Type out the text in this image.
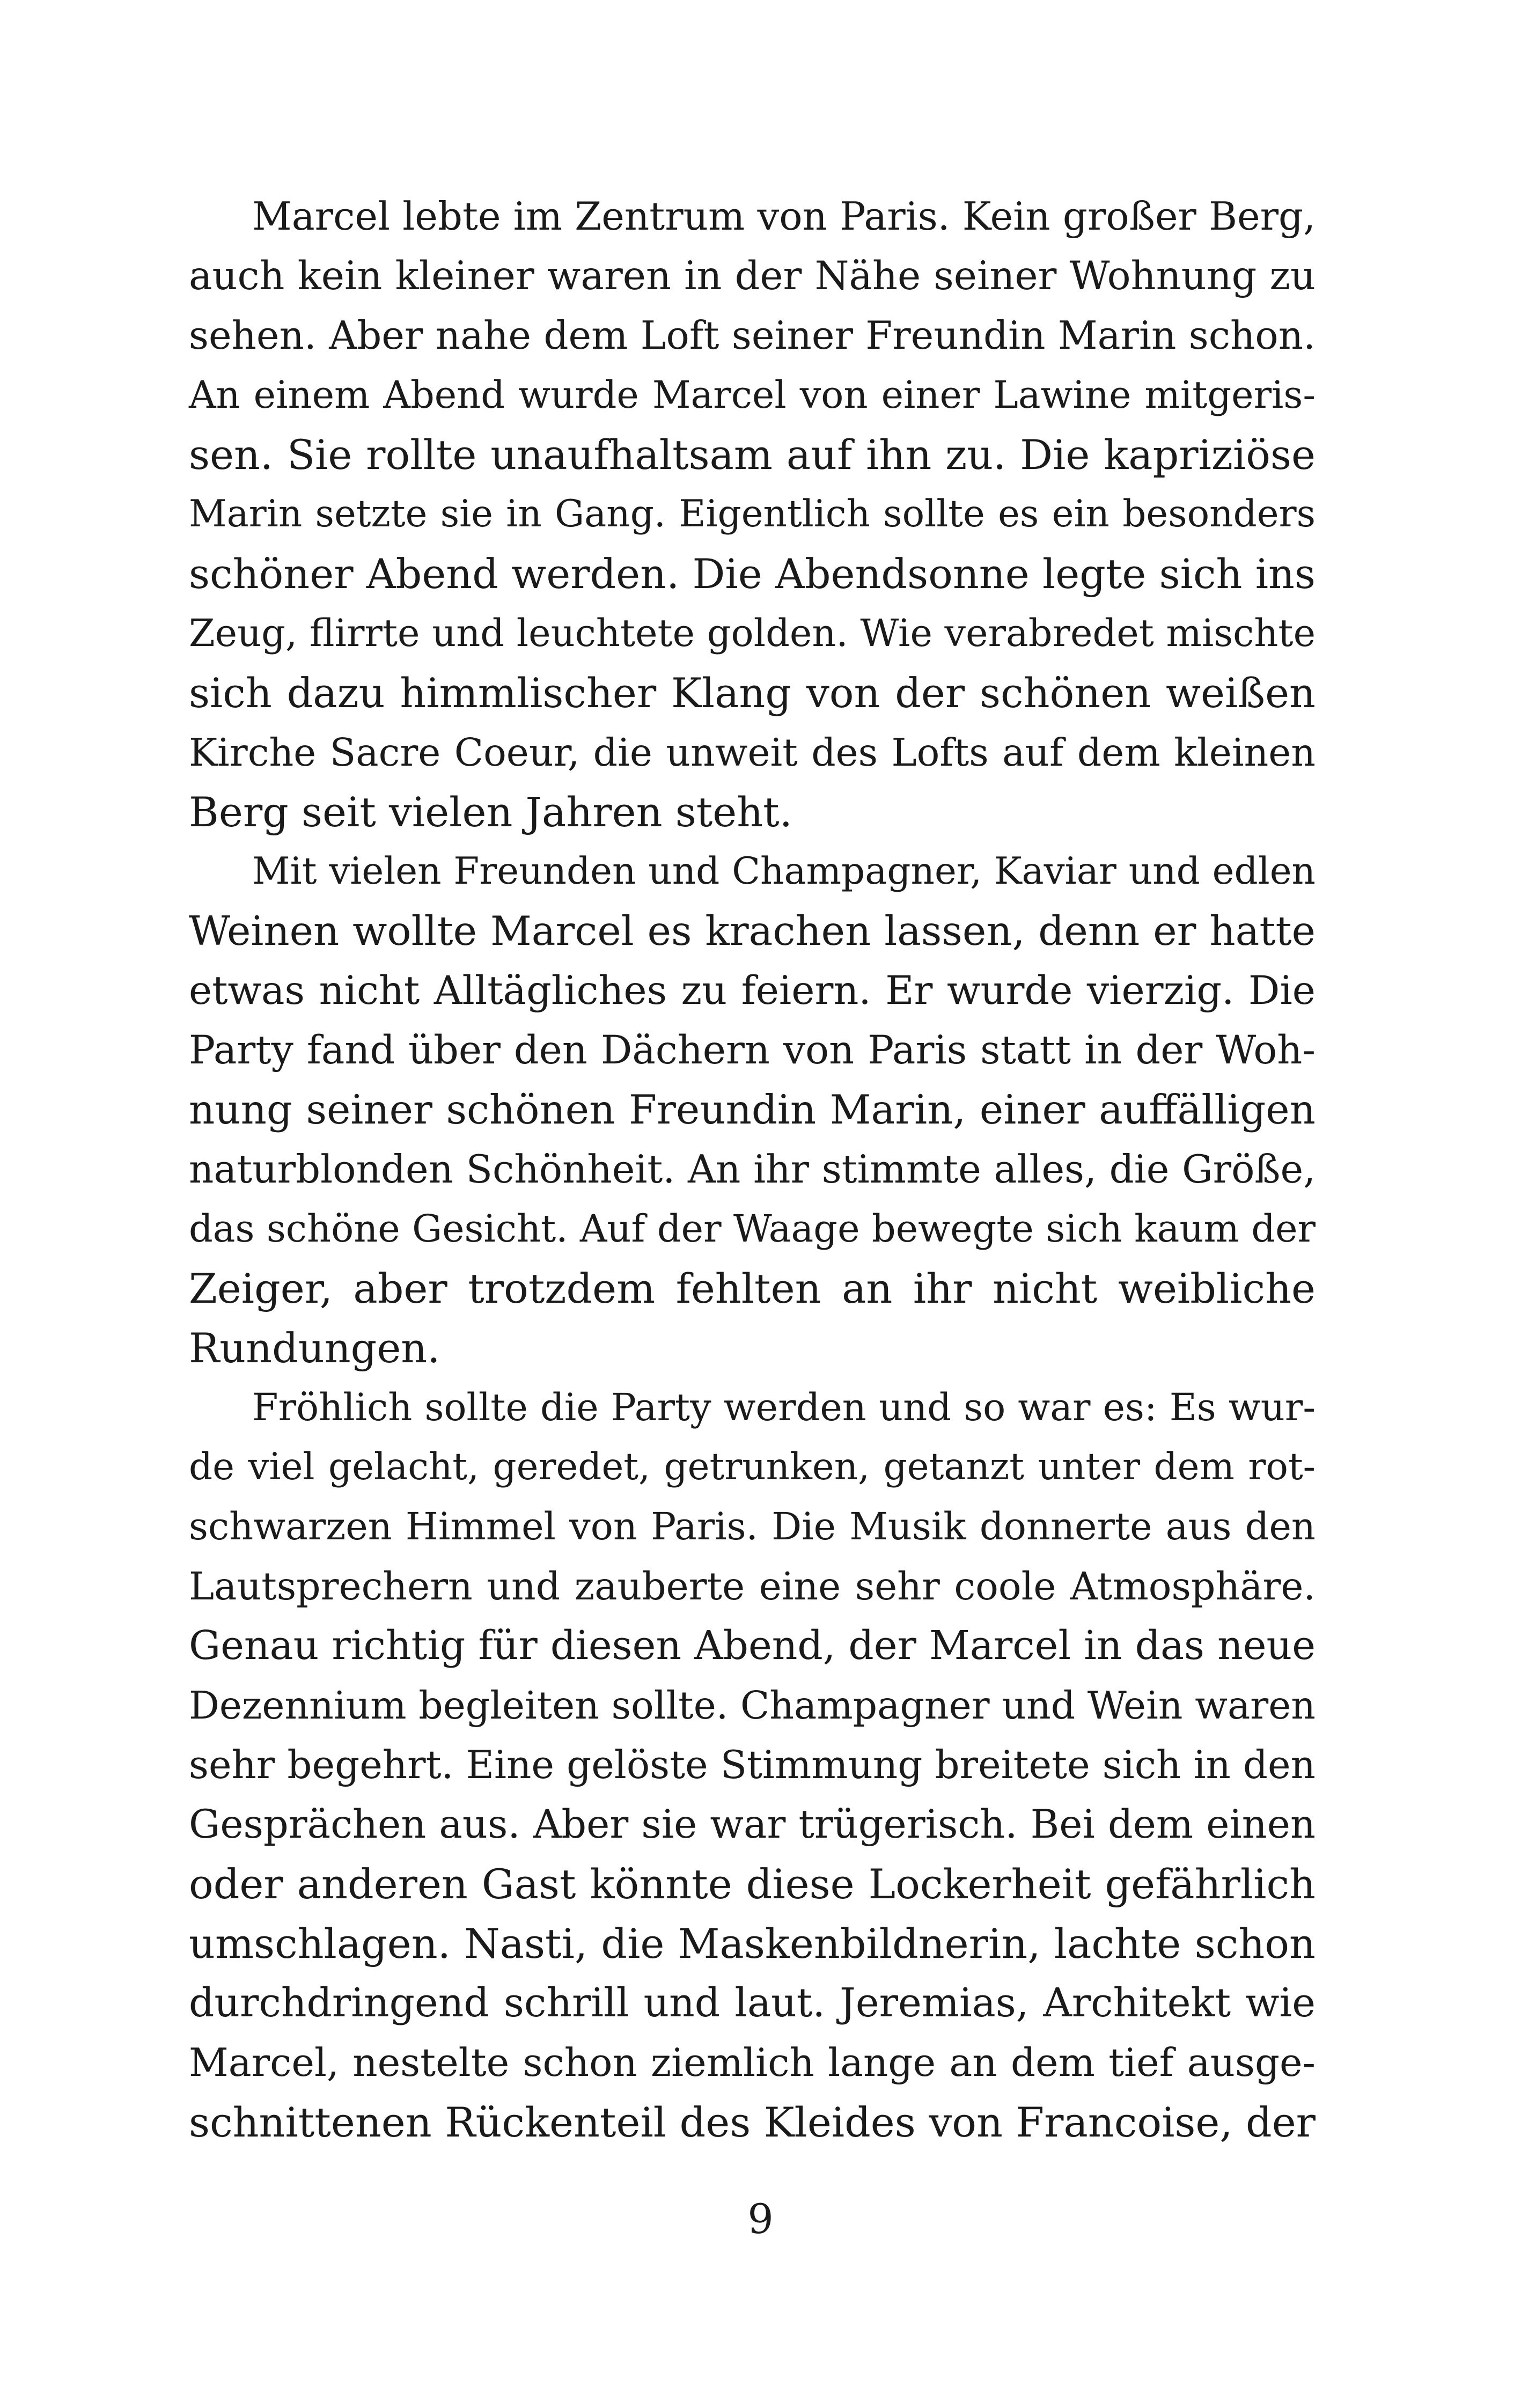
Marcel lebte im Zentrum von Paris. Kein großer Berg,
auch kein kleiner waren in der Nähe seiner Wohnung zu
sehen. Aber nahe dem Loft seiner Freundin Marin schon.
An einem Abend wurde Marcel von einer Lawine mitgeris-
sen. Sie rollte unaufhaltsam auf ihn zu. Die kapriziöse
Marin setzte sie in Gang. Eigentlich sollte es ein besonders
schöner Abend werden. Die Abendsonne legte sich ins
Zeug, flirrte und leuchtete golden. Wie verabredet mischte
sich dazu himmlischer Klang von der schönen weißen
Kirche Sacre Coeur, die unweit des Lofts auf dem kleinen
Berg seit vielen Jahren steht.
Mit vielen Freunden und Champagner, Kaviar und edlen
Weinen wollte Marcel es krachen lassen, denn er hatte
etwas nicht Alltägliches zu feiern. Er wurde vierzig. Die
Party fand über den Dächern von Paris statt in der Woh-
nung seiner schönen Freundin Marin, einer auffälligen
naturblonden Schönheit. An ihr stimmte alles, die Größe,
das schöne Gesicht. Auf der Waage bewegte sich kaum der
Zeiger, aber trotzdem fehlten an ihr nicht weibliche
Rundungen.
Fröhlich sollte die Party werden und so war es: Es wur-
de viel gelacht, geredet, getrunken, getanzt unter dem rot-
schwarzen Himmel von Paris. Die Musik donnerte aus den
Lautsprechern und zauberte eine sehr coole Atmosphäre.
Genau richtig für diesen Abend, der Marcel in das neue
Dezennium begleiten sollte. Champagner und Wein waren
sehr begehrt. Eine gelöste Stimmung breitete sich in den
Gesprächen aus. Aber sie war trügerisch. Bei dem einen
oder anderen Gast könnte diese Lockerheit gefährlich
umschlagen. Nasti, die Maskenbildnerin, lachte schon
durchdringend schrill und laut. Jeremias, Architekt wie
Marcel, nestelte schon ziemlich lange an dem tief ausge-
schnittenen Rückenteil des Kleides von Francoise, der
9
